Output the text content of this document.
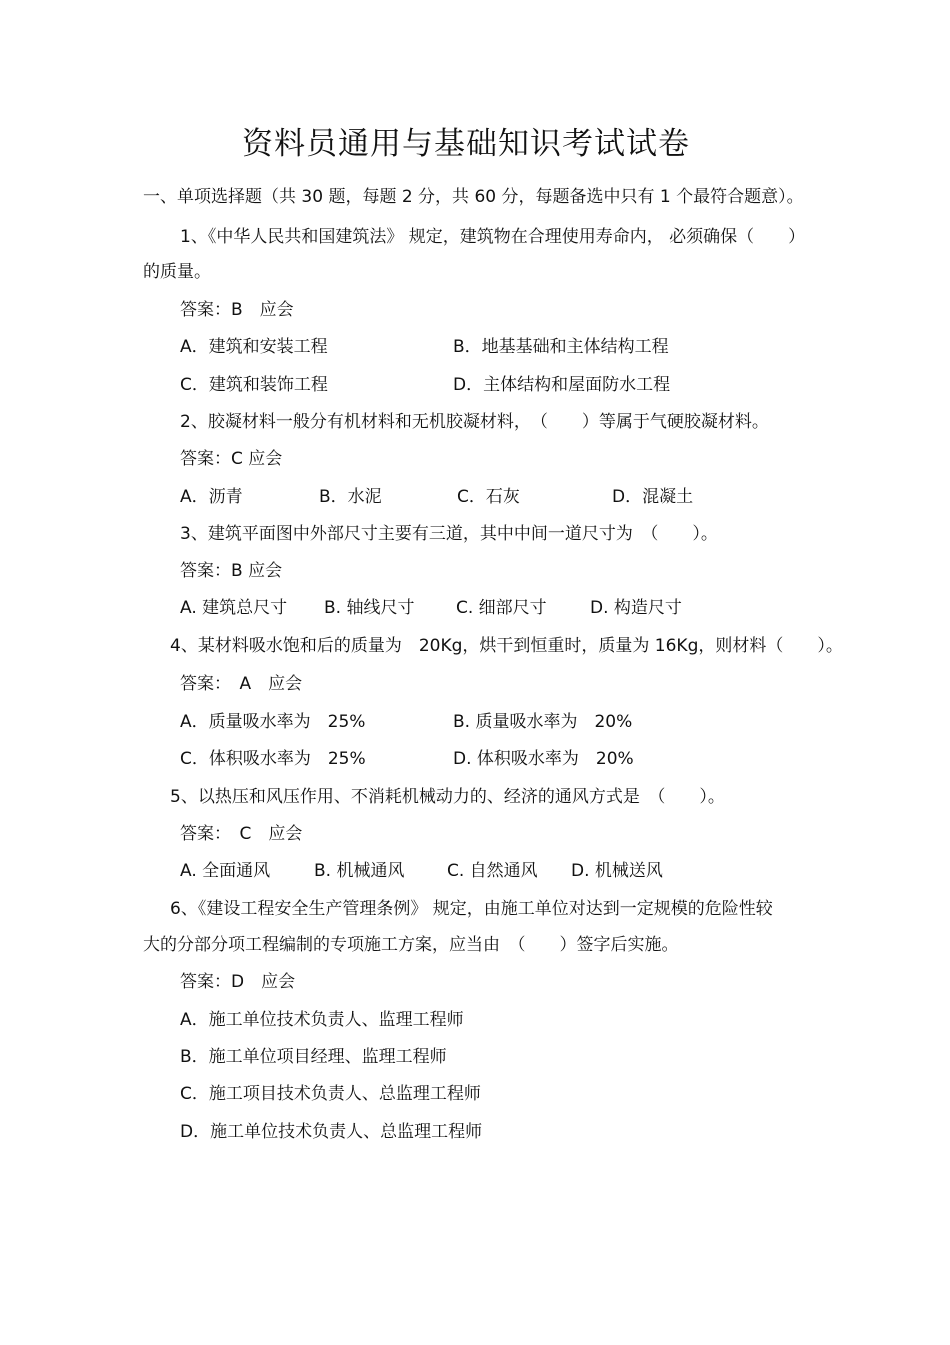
资料员通用与基础知识考试试卷
一、单项选择题（共 30 题，每题 2 分，共 60 分，每题备选中只有 1 个最符合题意）。
1、《中华人民共和国建筑法》 规定，建筑物在合理使用寿命内， 必须确保（　　）
的质量。
答案：B　应会
A．建筑和安装工程	B．地基基础和主体结构工程
C．建筑和装饰工程	D．主体结构和屋面防水工程
2、胶凝材料一般分有机材料和无机胶凝材料，　（　　）等属于气硬胶凝材料。
答案：C 应会
A．沥青	B．水泥	C．石灰	D．混凝土
3、建筑平面图中外部尺寸主要有三道，其中中间一道尺寸为　（　　）。
答案：B 应会
A. 建筑总尺寸 B. 轴线尺寸 C. 细部尺寸	D. 构造尺寸
4、某材料吸水饱和后的质量为　20Kg，烘干到恒重时，质量为 16Kg，则材料（　　）。
答案：　A　应会
A．质量吸水率为　25%	B. 质量吸水率为　20%
C．体积吸水率为　25%	D. 体积吸水率为　20%
5、以热压和风压作用、不消耗机械动力的、经济的通风方式是　（　　）。
答案：　C　应会
A. 全面通风	B. 机械通风	C. 自然通风 D. 机械送风
6、《建设工程安全生产管理条例》 规定，由施工单位对达到一定规模的危险性较
大的分部分项工程编制的专项施工方案，应当由　（　　）签字后实施。
答案：D　应会
A．施工单位技术负责人、监理工程师
B．施工单位项目经理、监理工程师
C．施工项目技术负责人、总监理工程师
D．施工单位技术负责人、总监理工程师
